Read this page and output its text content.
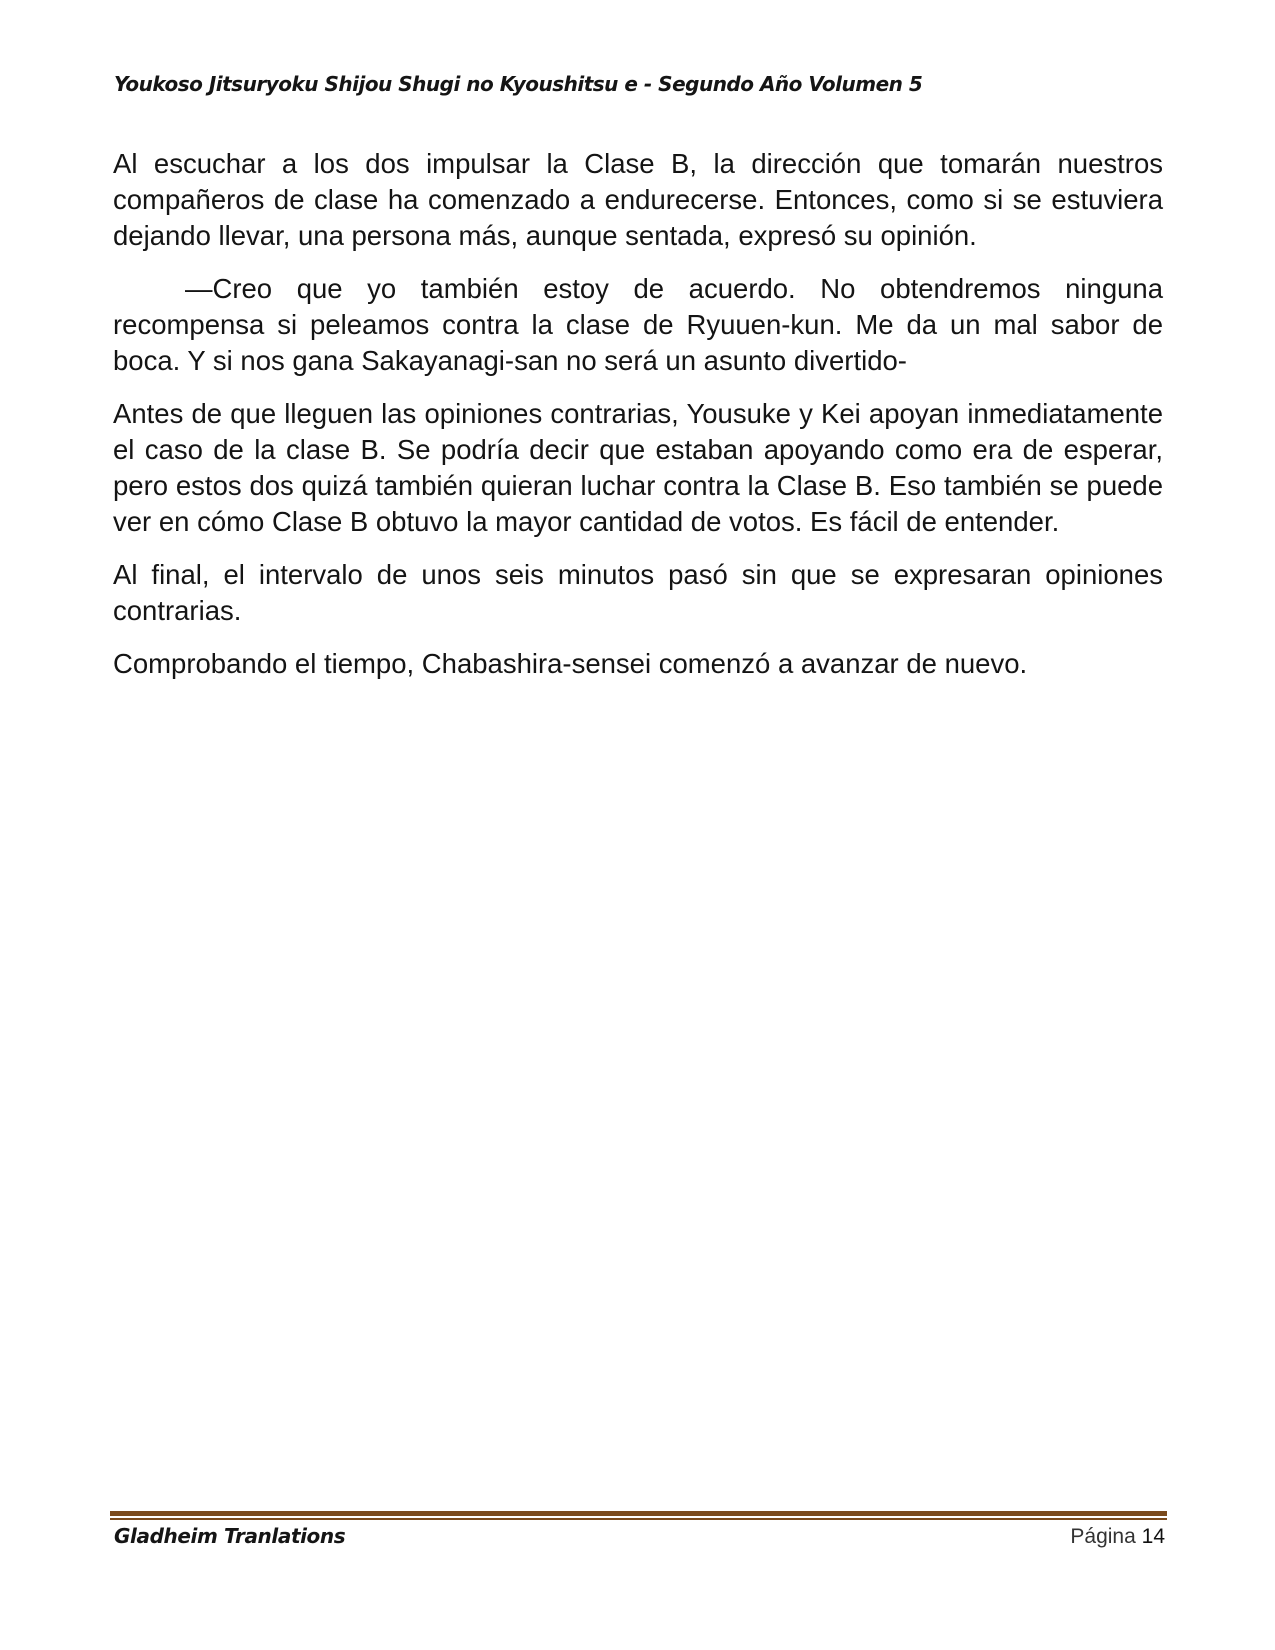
Youkoso Jitsuryoku Shijou Shugi no Kyoushitsu e - Segundo Año Volumen 5

Al escuchar a los dos impulsar la Clase B, la dirección que tomarán nuestros compañeros de clase ha comenzado a endurecerse. Entonces, como si se estuviera dejando llevar, una persona más, aunque sentada, expresó su opinión.

—Creo que yo también estoy de acuerdo. No obtendremos ninguna recompensa si peleamos contra la clase de Ryuuen-kun. Me da un mal sabor de boca. Y si nos gana Sakayanagi-san no será un asunto divertido-

Antes de que lleguen las opiniones contrarias, Yousuke y Kei apoyan inmediatamente el caso de la clase B. Se podría decir que estaban apoyando como era de esperar, pero estos dos quizá también quieran luchar contra la Clase B. Eso también se puede ver en cómo Clase B obtuvo la mayor cantidad de votos. Es fácil de entender.

Al final, el intervalo de unos seis minutos pasó sin que se expresaran opiniones contrarias.

Comprobando el tiempo, Chabashira-sensei comenzó a avanzar de nuevo.

Gladheim Tranlations	Página 14
